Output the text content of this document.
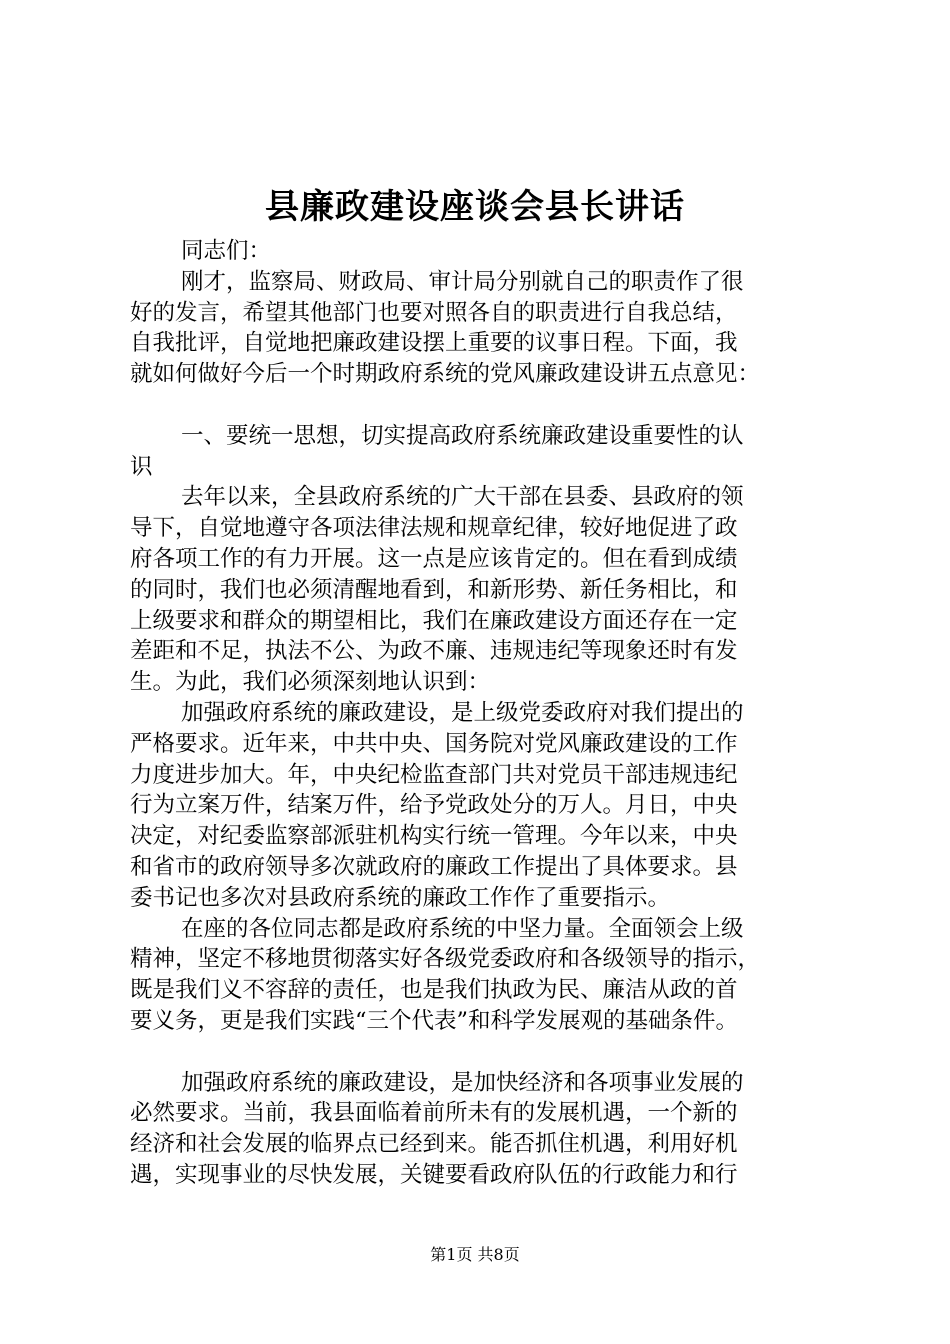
县廉政建设座谈会县长讲话
同志们：
刚才，监察局、财政局、审计局分别就自己的职责作了很
好的发言，希望其他部门也要对照各自的职责进行自我总结，
自我批评，自觉地把廉政建设摆上重要的议事日程。下面，我
就如何做好今后一个时期政府系统的党风廉政建设讲五点意见：
一、要统一思想，切实提高政府系统廉政建设重要性的认
识
去年以来，全县政府系统的广大干部在县委、县政府的领
导下，自觉地遵守各项法律法规和规章纪律，较好地促进了政
府各项工作的有力开展。这一点是应该肯定的。但在看到成绩
的同时，我们也必须清醒地看到，和新形势、新任务相比，和
上级要求和群众的期望相比，我们在廉政建设方面还存在一定
差距和不足，执法不公、为政不廉、违规违纪等现象还时有发
生。为此，我们必须深刻地认识到：
加强政府系统的廉政建设，是上级党委政府对我们提出的
严格要求。近年来，中共中央、国务院对党风廉政建设的工作
力度进步加大。年，中央纪检监查部门共对党员干部违规违纪
行为立案万件，结案万件，给予党政处分的万人。月日，中央
决定，对纪委监察部派驻机构实行统一管理。今年以来，中央
和省市的政府领导多次就政府的廉政工作提出了具体要求。县
委书记也多次对县政府系统的廉政工作作了重要指示。
在座的各位同志都是政府系统的中坚力量。全面领会上级
精神，坚定不移地贯彻落实好各级党委政府和各级领导的指示，
既是我们义不容辞的责任，也是我们执政为民、廉洁从政的首
要义务，更是我们实践“三个代表”和科学发展观的基础条件。
加强政府系统的廉政建设，是加快经济和各项事业发展的
必然要求。当前，我县面临着前所未有的发展机遇，一个新的
经济和社会发展的临界点已经到来。能否抓住机遇，利用好机
遇，实现事业的尽快发展，关键要看政府队伍的行政能力和行
第1页 共8页
